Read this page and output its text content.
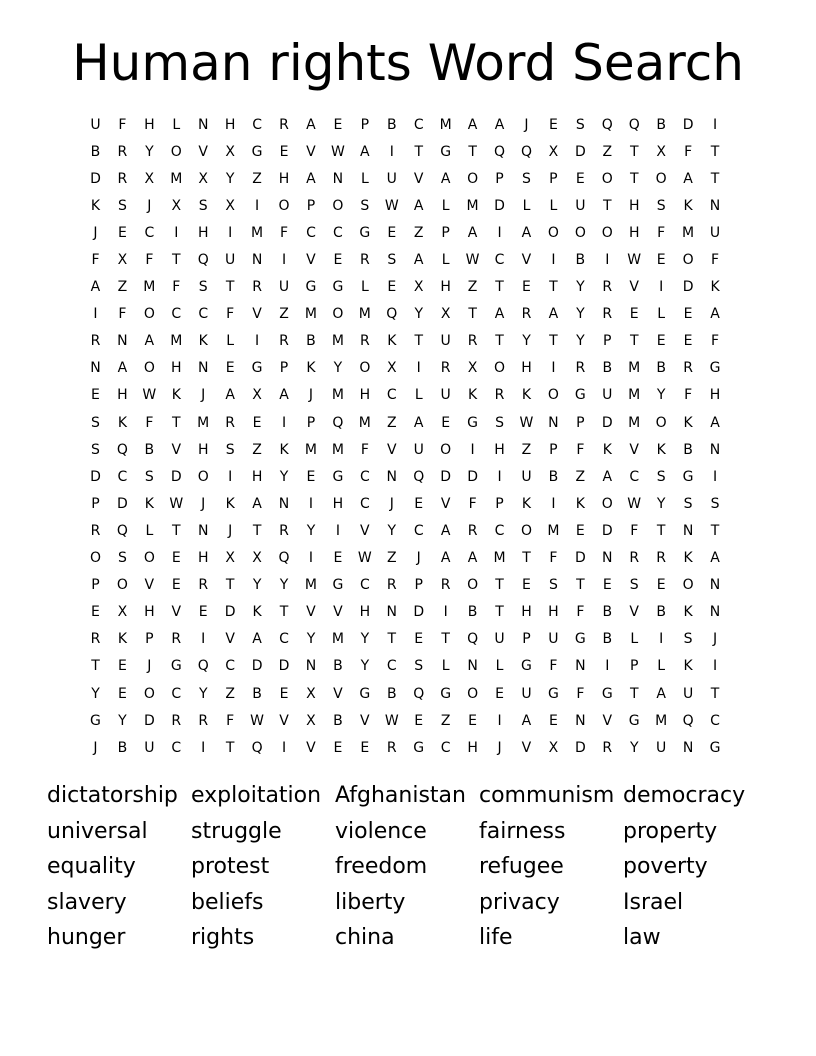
Human rights Word Search
U	F	H	L	N	H	C	R	A	E	P	B	C	M	A	A	J	E	S	Q	Q	B	D	I
B	R	Y	O	V	X	G	E	V	W	A	I	T	G	T	Q	Q	X	D	Z	T	X	F	T
D	R	X	M	X	Y	Z	H	A	N	L	U	V	A	O	P	S	P	E	O	T	O	A	T
K	S	J	X	S	X	I	O	P	O	S	W	A	L	M	D	L	L	U	T	H	S	K	N
J	E	C	I	H	I	M	F	C	C	G	E	Z	P	A	I	A	O	O	O	H	F	M	U
F	X	F	T	Q	U	N	I	V	E	R	S	A	L	W	C	V	I	B	I	W	E	O	F
A	Z	M	F	S	T	R	U	G	G	L	E	X	H	Z	T	E	T	Y	R	V	I	D	K
I	F	O	C	C	F	V	Z	M	O	M	Q	Y	X	T	A	R	A	Y	R	E	L	E	A
R	N	A	M	K	L	I	R	B	M	R	K	T	U	R	T	Y	T	Y	P	T	E	E	F
N	A	O	H	N	E	G	P	K	Y	O	X	I	R	X	O	H	I	R	B	M	B	R	G
E	H	W	K	J	A	X	A	J	M	H	C	L	U	K	R	K	O	G	U	M	Y	F	H
S	K	F	T	M	R	E	I	P	Q	M	Z	A	E	G	S	W	N	P	D	M	O	K	A
S	Q	B	V	H	S	Z	K	M	M	F	V	U	O	I	H	Z	P	F	K	V	K	B	N
D	C	S	D	O	I	H	Y	E	G	C	N	Q	D	D	I	U	B	Z	A	C	S	G	I
P	D	K	W	J	K	A	N	I	H	C	J	E	V	F	P	K	I	K	O	W	Y	S	S
R	Q	L	T	N	J	T	R	Y	I	V	Y	C	A	R	C	O	M	E	D	F	T	N	T
O	S	O	E	H	X	X	Q	I	E	W	Z	J	A	A	M	T	F	D	N	R	R	K	A
P	O	V	E	R	T	Y	Y	M	G	C	R	P	R	O	T	E	S	T	E	S	E	O	N
E	X	H	V	E	D	K	T	V	V	H	N	D	I	B	T	H	H	F	B	V	B	K	N
R	K	P	R	I	V	A	C	Y	M	Y	T	E	T	Q	U	P	U	G	B	L	I	S	J
T	E	J	G	Q	C	D	D	N	B	Y	C	S	L	N	L	G	F	N	I	P	L	K	I
Y	E	O	C	Y	Z	B	E	X	V	G	B	Q	G	O	E	U	G	F	G	T	A	U	T
G	Y	D	R	R	F	W	V	X	B	V	W	E	Z	E	I	A	E	N	V	G	M	Q	C
J	B	U	C	I	T	Q	I	V	E	E	R	G	C	H	J	V	X	D	R	Y	U	N	G
dictatorship exploitation Afghanistan communism democracy
universal	struggle	violence	fairness	property
equality	protest	freedom	refugee	poverty
slavery	beliefs	liberty	privacy	Israel
hunger	rights	china	life	law
